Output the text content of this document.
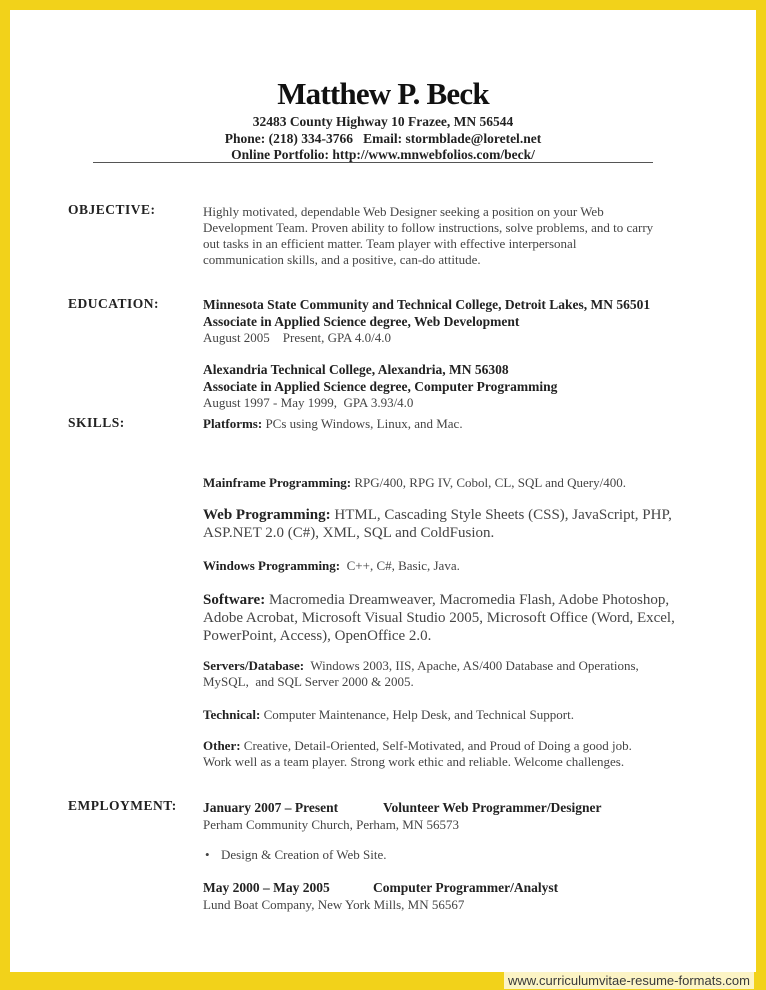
Matthew P. Beck
32483 County Highway 10 Frazee, MN 56544
Phone: (218) 334-3766   Email: stormblade@loretel.net
Online Portfolio: http://www.mnwebfolios.com/beck/
OBJECTIVE:	Highly motivated, dependable Web Designer seeking a position on your Web
Development Team. Proven ability to follow instructions, solve problems, and to carry
out tasks in an efficient matter. Team player with effective interpersonal
communication skills, and a positive, can-do attitude.
EDUCATION:	Minnesota State Community and Technical College, Detroit Lakes, MN 56501
Associate in Applied Science degree, Web Development
August 2005    Present, GPA 4.0/4.0
Alexandria Technical College, Alexandria, MN 56308
Associate in Applied Science degree, Computer Programming
August 1997 - May 1999,  GPA 3.93/4.0
SKILLS:	Platforms: PCs using Windows, Linux, and Mac.
Mainframe Programming: RPG/400, RPG IV, Cobol, CL, SQL and Query/400.
Web Programming: HTML, Cascading Style Sheets (CSS), JavaScript, PHP, ASP.NET 2.0 (C#), XML, SQL and ColdFusion.
Windows Programming:  C++, C#, Basic, Java.
Software: Macromedia Dreamweaver, Macromedia Flash, Adobe Photoshop, Adobe Acrobat, Microsoft Visual Studio 2005, Microsoft Office (Word, Excel, PowerPoint, Access), OpenOffice 2.0.
Servers/Database:  Windows 2003, IIS, Apache, AS/400 Database and Operations, MySQL,  and SQL Server 2000 & 2005.
Technical: Computer Maintenance, Help Desk, and Technical Support.
Other: Creative, Detail-Oriented, Self-Motivated, and Proud of Doing a good job. Work well as a team player. Strong work ethic and reliable. Welcome challenges.
EMPLOYMENT: January 2007 – Present	Volunteer Web Programmer/Designer
Perham Community Church, Perham, MN 56573
• Design & Creation of Web Site.
May 2000 – May 2005	Computer Programmer/Analyst
Lund Boat Company, New York Mills, MN 56567
www.curriculumvitae-resume-formats.com
